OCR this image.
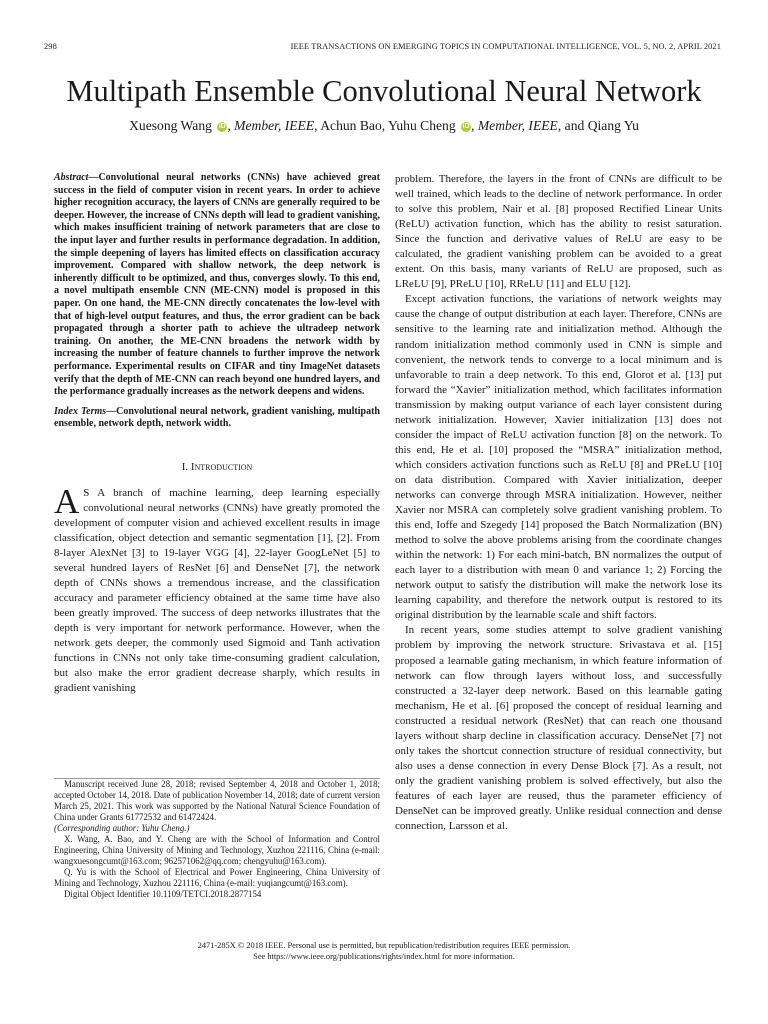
298	IEEE TRANSACTIONS ON EMERGING TOPICS IN COMPUTATIONAL INTELLIGENCE, VOL. 5, NO. 2, APRIL 2021
Multipath Ensemble Convolutional Neural Network
Xuesong Wang iD , Member, IEEE, Achun Bao, Yuhu Cheng iD , Member, IEEE, and Qiang Yu

Abstract—Convolutional neural networks (CNNs) have achieved great success in the field of computer vision in recent years. In order to achieve higher recognition accuracy, the layers of CNNs are generally required to be deeper. However, the increase of CNNs depth will lead to gradient vanishing, which makes insufficient training of network parameters that are close to the input layer and further results in performance degradation. In addition, the simple deepening of layers has limited effects on classification accuracy improvement. Compared with shallow network, the deep network is inherently difficult to be optimized, and thus, converges slowly. To this end, a novel multipath ensemble CNN (ME-CNN) model is proposed in this paper. On one hand, the ME-CNN directly concatenates the low-level with that of high-level output features, and thus, the error gradient can be back propagated through a shorter path to achieve the ultradeep network training. On another, the ME-CNN broadens the network width by increasing the number of feature channels to further improve the network performance. Experimental results on CIFAR and tiny ImageNet datasets verify that the depth of ME-CNN can reach beyond one hundred layers, and the performance gradually increases as the network deepens and widens.

Index Terms—Convolutional neural network, gradient vanishing, multipath ensemble, network depth, network width.

I. Introduction

A S A branch of machine learning, deep learning especially convolutional neural networks (CNNs) have greatly promoted the development of computer vision and achieved excellent results in image classification, object detection and semantic segmentation [1], [2]. From 8-layer AlexNet [3] to 19-layer VGG [4], 22-layer GoogLeNet [5] to several hundred layers of ResNet [6] and DenseNet [7], the network depth of CNNs shows a tremendous increase, and the classification accuracy and parameter efficiency obtained at the same time have also been greatly improved. The success of deep networks illustrates that the depth is very important for network performance. However, when the network gets deeper, the commonly used Sigmoid and Tanh activation functions in CNNs not only take time-consuming gradient calculation, but also make the error gradient decrease sharply, which results in gradient vanishing

Manuscript received June 28, 2018; revised September 4, 2018 and October 1, 2018; accepted October 14, 2018. Date of publication November 14, 2018; date of current version March 25, 2021. This work was supported by the National Natural Science Foundation of China under Grants 61772532 and 61472424.
(Corresponding author: Yuhu Cheng.)

X. Wang, A. Bao, and Y. Cheng are with the School of Information and Control Engineering, China University of Mining and Technology, Xuzhou 221116, China (e-mail: wangxuesongcumt@163.com; 962571062@qq.com; chengyuhu@163.com).

Q. Yu is with the School of Electrical and Power Engineering, China University of Mining and Technology, Xuzhou 221116, China (e-mail: yuqiangcumt@163.com).

Digital Object Identifier 10.1109/TETCI.2018.2877154

problem. Therefore, the layers in the front of CNNs are difficult to be well trained, which leads to the decline of network performance. In order to solve this problem, Nair et al. [8] proposed Rectified Linear Units (ReLU) activation function, which has the ability to resist saturation. Since the function and derivative values of ReLU are easy to be calculated, the gradient vanishing problem can be avoided to a great extent. On this basis, many variants of ReLU are proposed, such as LReLU [9], PReLU [10], RReLU [11] and ELU [12].

Except activation functions, the variations of network weights may cause the change of output distribution at each layer. Therefore, CNNs are sensitive to the learning rate and initialization method. Although the random initialization method commonly used in CNN is simple and convenient, the network tends to converge to a local minimum and is unfavorable to train a deep network. To this end, Glorot et al. [13] put forward the “Xavier” initialization method, which facilitates information transmission by making output variance of each layer consistent during network initialization. However, Xavier initialization [13] does not consider the impact of ReLU activation function [8] on the network. To this end, He et al. [10] proposed the “MSRA” initialization method, which considers activation functions such as ReLU [8] and PReLU [10] on data distribution. Compared with Xavier initialization, deeper networks can converge through MSRA initialization. However, neither Xavier nor MSRA can completely solve gradient vanishing problem. To this end, Ioffe and Szegedy [14] proposed the Batch Normalization (BN) method to solve the above problems arising from the coordinate changes within the network: 1) For each mini-batch, BN normalizes the output of each layer to a distribution with mean 0 and variance 1; 2) Forcing the network output to satisfy the distribution will make the network lose its learning capability, and therefore the network output is restored to its original distribution by the learnable scale and shift factors.

In recent years, some studies attempt to solve gradient vanishing problem by improving the network structure. Srivastava et al. [15] proposed a learnable gating mechanism, in which feature information of network can flow through layers without loss, and successfully constructed a 32-layer deep network. Based on this learnable gating mechanism, He et al. [6] proposed the concept of residual learning and constructed a residual network (ResNet) that can reach one thousand layers without sharp decline in classification accuracy. DenseNet [7] not only takes the shortcut connection structure of residual connectivity, but also uses a dense connection in every Dense Block [7]. As a result, not only the gradient vanishing problem is solved effectively, but also the features of each layer are reused, thus the parameter efficiency of DenseNet can be improved greatly. Unlike residual connection and dense connection, Larsson et al.

2471-285X © 2018 IEEE. Personal use is permitted, but republication/redistribution requires IEEE permission.
See https://www.ieee.org/publications/rights/index.html for more information.
